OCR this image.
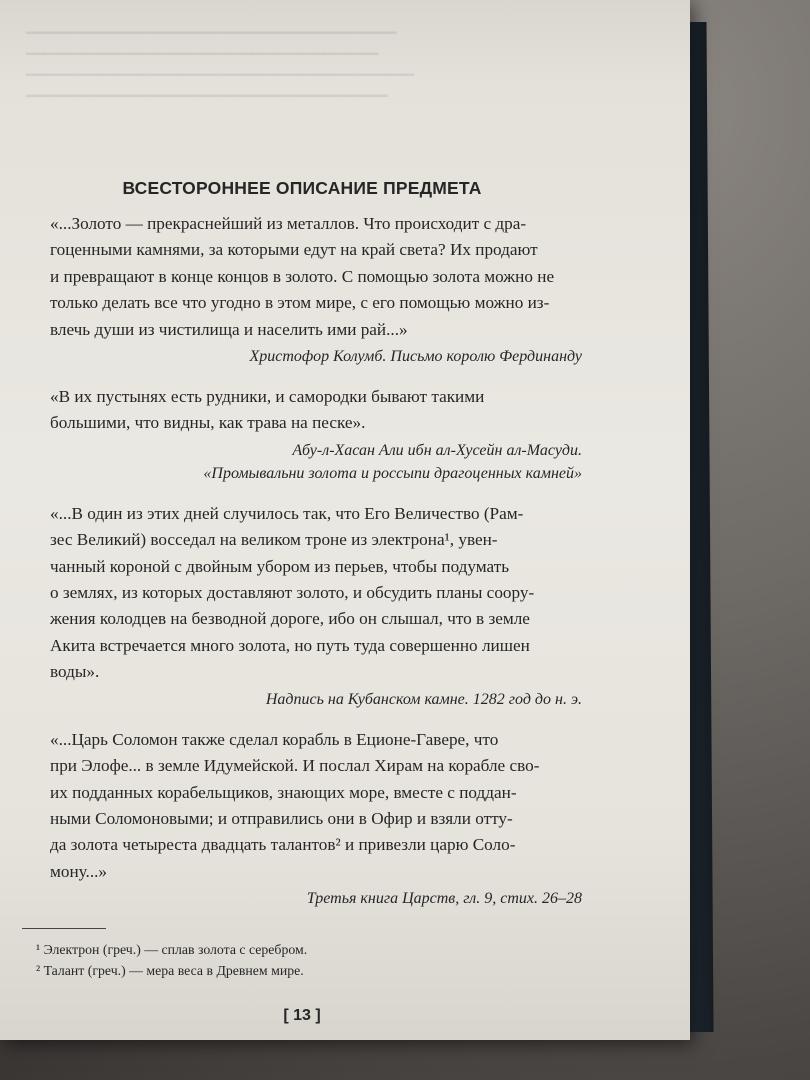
━━━━━━━━━━━━━━━━━━━━━━━━━━━━━━━━━━━━━━━━━
━━━━━━━━━━━━━━━━━━━━━━━━━━━━━━━━━━━━━━━
━━━━━━━━━━━━━━━━━━━━━━━━━━━━━━━━━━━━━━━━━━━
━━━━━━━━━━━━━━━━━━━━━━━━━━━━━━━━━━━━━━━━
ВСЕСТОРОННЕЕ ОПИСАНИЕ ПРЕДМЕТА

«...Золото — прекраснейший из металлов. Что происходит с дра-

гоценными камнями, за которыми едут на край света? Их продают

и превращают в конце концов в золото. С помощью золота можно не

только делать все что угодно в этом мире, с его помощью можно из-

влечь души из чистилища и населить ими рай...»

Христофор Колумб. Письмо королю Фердинанду

«В их пустынях есть рудники, и самородки бывают такими

большими, что видны, как трава на песке».

Абу-л-Хасан Али ибн ал-Хусейн ал-Масуди.

«Промывальни золота и россыпи драгоценных камней»

«...В один из этих дней случилось так, что Его Величество (Рам-

зес Великий) восседал на великом троне из электрона¹, увен-

чанный короной с двойным убором из перьев, чтобы подумать

о землях, из которых доставляют золото, и обсудить планы соору-

жения колодцев на безводной дороге, ибо он слышал, что в земле

Акита встречается много золота, но путь туда совершенно лишен

воды».

Надпись на Кубанском камне. 1282 год до н. э.

«...Царь Соломон также сделал корабль в Еционе-Гавере, что

при Элофе... в земле Идумейской. И послал Хирам на корабле сво-

их подданных корабельщиков, знающих море, вместе с поддан-

ными Соломоновыми; и отправились они в Офир и взяли отту-

да золота четыреста двадцать талантов² и привезли царю Соло-

мону...»

Третья книга Царств, гл. 9, стих. 26–28

¹ Электрон (греч.) — сплав золота с серебром.

² Талант (греч.) — мера веса в Древнем мире.

[ 13 ]
